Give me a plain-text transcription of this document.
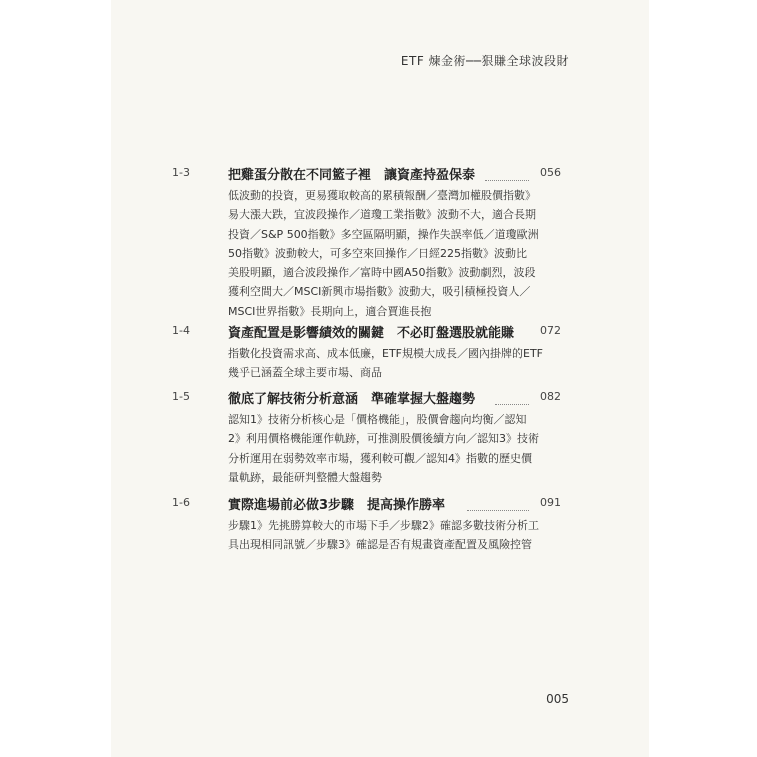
ETF 煉金術──狠賺全球波段財
1-3	把雞蛋分散在不同籃子裡　讓資產持盈保泰	056
低波動的投資，更易獲取較高的累積報酬／臺灣加權股價指數》
易大漲大跌，宜波段操作／道瓊工業指數》波動不大，適合長期
投資／S&P 500指數》多空區隔明顯，操作失誤率低／道瓊歐洲
50指數》波動較大，可多空來回操作／日經225指數》波動比
美股明顯，適合波段操作／富時中國A50指數》波動劇烈，波段
獲利空間大／MSCI新興市場指數》波動大，吸引積極投資人／
MSCI世界指數》長期向上，適合賈進長抱
1-4	資產配置是影響績效的關鍵　不必盯盤選股就能賺 072
指數化投資需求高、成本低廉，ETF規模大成長／國內掛牌的ETF
幾乎已涵蓋全球主要市場、商品
1-5	徹底了解技術分析意涵　準確掌握大盤趨勢	082
認知1》技術分析核心是「價格機能」，股價會趨向均衡／認知
2》利用價格機能運作軌跡，可推測股價後續方向／認知3》技術
分析運用在弱勢效率市場，獲利較可觀／認知4》指數的歷史價
量軌跡，最能研判整體大盤趨勢
1-6	實際進場前必做3步驟　提高操作勝率	091
步驟1》先挑勝算較大的市場下手／步驟2》確認多數技術分析工
具出現相同訊號／步驟3》確認是否有規畫資產配置及風險控管
005
